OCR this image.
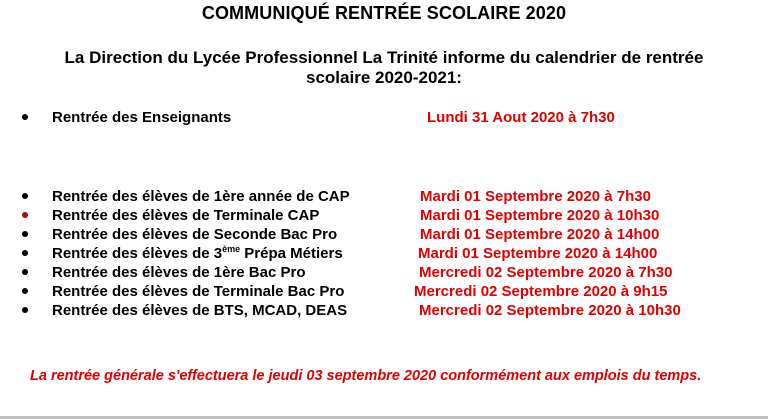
COMMUNIQUÉ RENTRÉE SCOLAIRE 2020
La Direction du Lycée Professionnel La Trinité informe du calendrier de rentrée scolaire 2020-2021:
Rentrée des Enseignants	Lundi 31 Aout 2020 à 7h30
Rentrée des élèves de 1ère année de CAP	Mardi 01 Septembre 2020 à 7h30
Rentrée des élèves de Terminale CAP	Mardi 01 Septembre 2020 à 10h30
Rentrée des élèves de Seconde Bac Pro	Mardi 01 Septembre 2020 à 14h00
Rentrée des élèves de 3ème Prépa Métiers	Mardi 01 Septembre 2020 à 14h00
Rentrée des élèves de 1ère Bac Pro	Mercredi 02 Septembre 2020 à 7h30
Rentrée des élèves de Terminale Bac Pro	Mercredi 02 Septembre 2020 à 9h15
Rentrée des élèves de BTS, MCAD, DEAS	Mercredi 02 Septembre 2020 à 10h30
La rentrée générale s'effectuera le jeudi 03 septembre 2020 conformément aux emplois du temps.
